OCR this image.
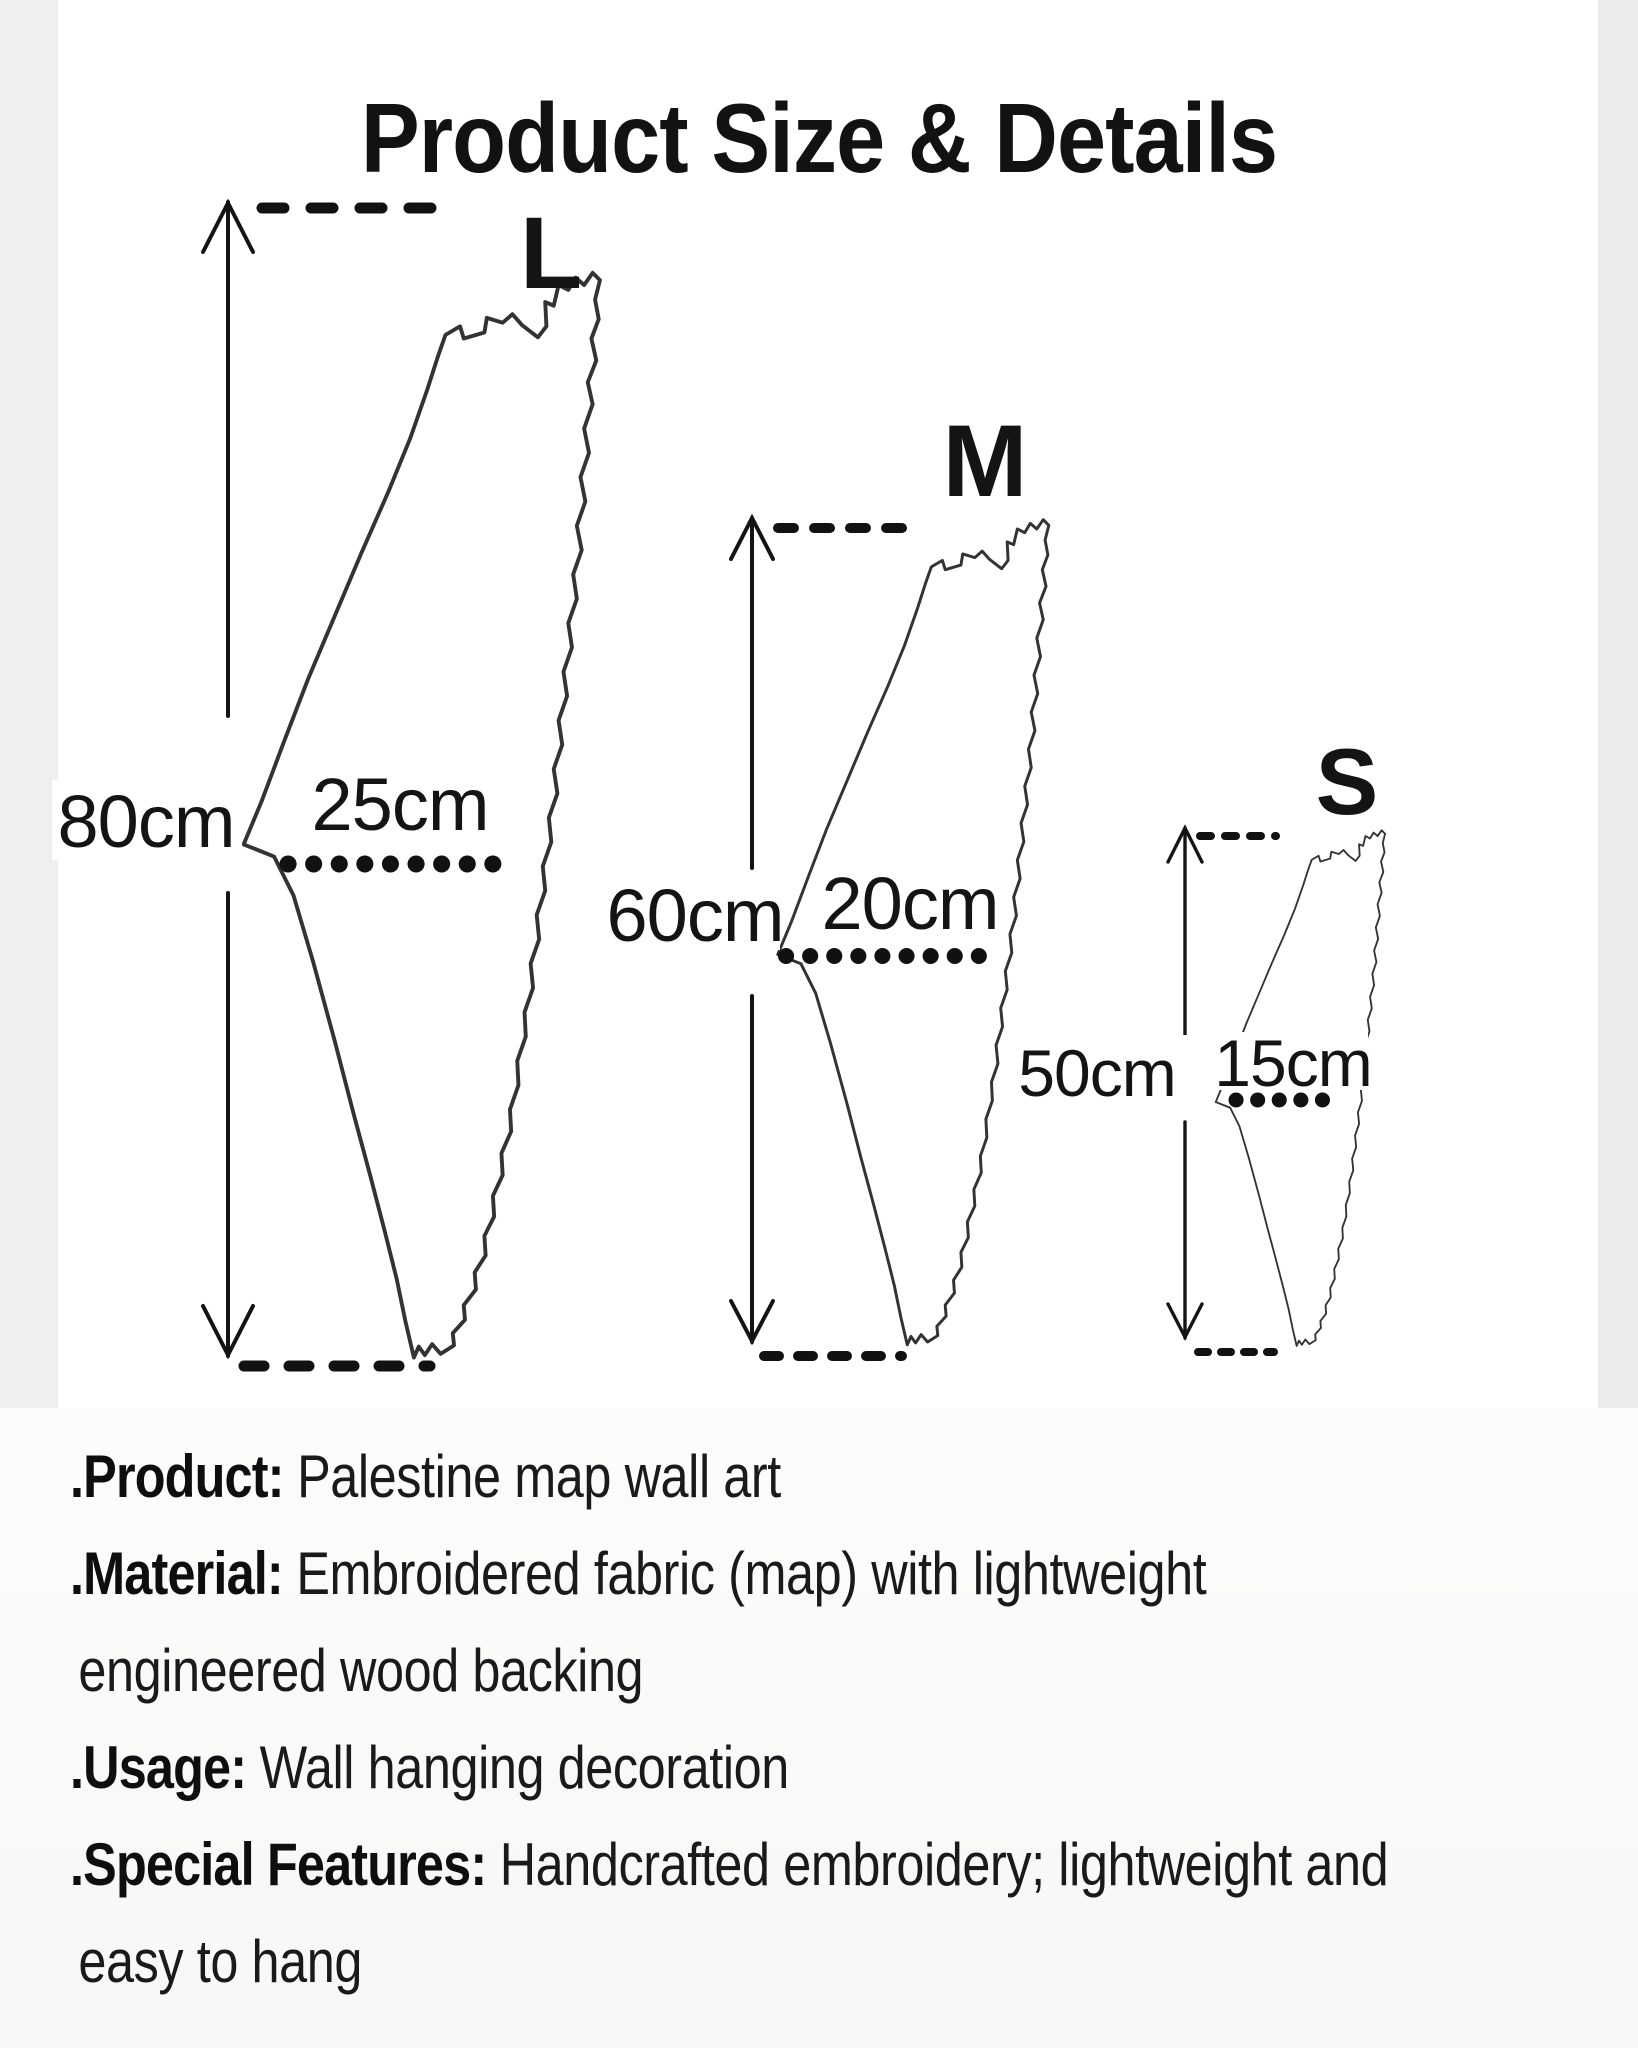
Product Size & Details
L
80cm 25cm
M
60cm 20cm
S
50cm 15cm

.Product: Palestine map wall art

.Material: Embroidered fabric (map) with lightweight

engineered wood backing

.Usage: Wall hanging decoration

.Special Features: Handcrafted embroidery; lightweight and

easy to hang
